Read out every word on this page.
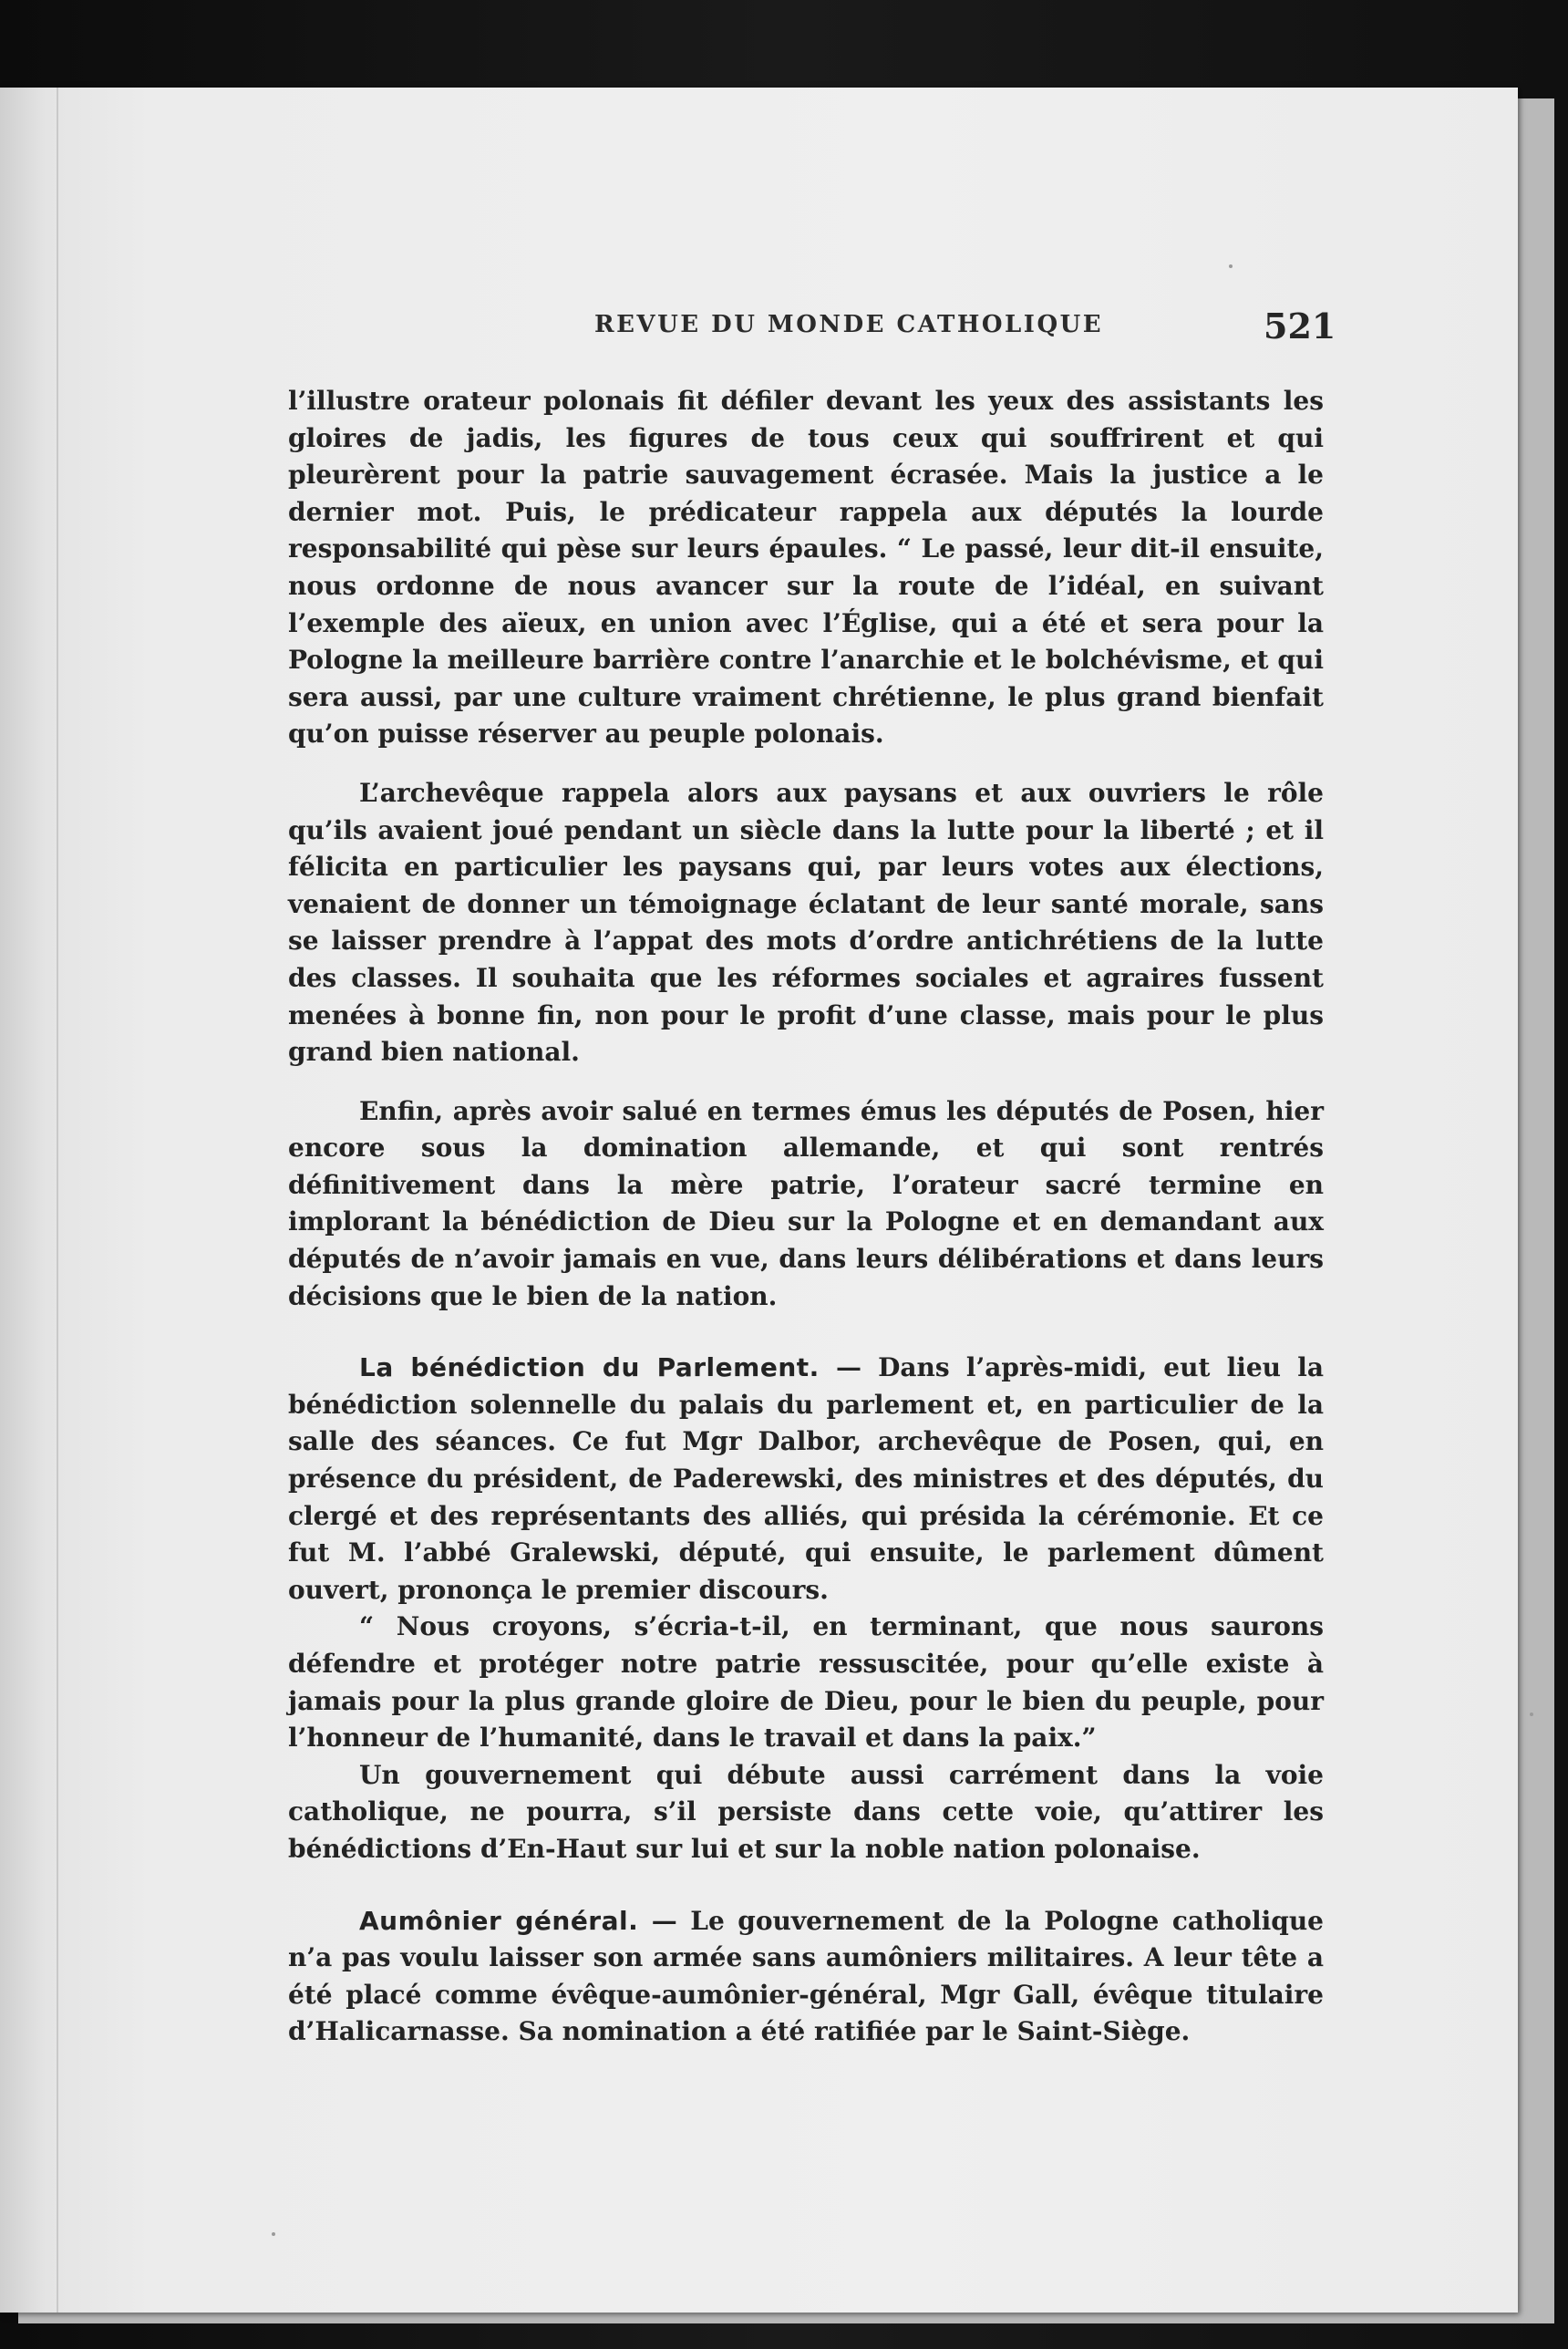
REVUE DU MONDE CATHOLIQUE	521

l’illustre orateur polonais fit défiler devant les yeux des assistants les gloires de jadis, les figures de tous ceux qui souffrirent et qui pleurèrent pour la patrie sauvagement écrasée. Mais la justice a le dernier mot. Puis, le prédicateur rappela aux députés la lourde responsabilité qui pèse sur leurs épaules. “ Le passé, leur dit-il ensuite, nous ordonne de nous avancer sur la route de l’idéal, en suivant l’exemple des aïeux, en union avec l’Église, qui a été et sera pour la Pologne la meilleure barrière contre l’anarchie et le bolchévisme, et qui sera aussi, par une culture vraiment chrétienne, le plus grand bienfait qu’on puisse réserver au peuple polonais.

L’archevêque rappela alors aux paysans et aux ouvriers le rôle qu’ils avaient joué pendant un siècle dans la lutte pour la liberté ; et il félicita en particulier les paysans qui, par leurs votes aux élections, venaient de donner un témoignage éclatant de leur santé morale, sans se laisser prendre à l’appat des mots d’ordre antichrétiens de la lutte des classes. Il souhaita que les réformes sociales et agraires fussent menées à bonne fin, non pour le profit d’une classe, mais pour le plus grand bien national.

Enfin, après avoir salué en termes émus les députés de Posen, hier encore sous la domination allemande, et qui sont rentrés définitivement dans la mère patrie, l’orateur sacré termine en implorant la bénédiction de Dieu sur la Pologne et en demandant aux députés de n’avoir jamais en vue, dans leurs délibérations et dans leurs décisions que le bien de la nation.

La bénédiction du Parlement. — Dans l’après-midi, eut lieu la bénédiction solennelle du palais du parlement et, en particulier de la salle des séances. Ce fut Mgr Dalbor, archevêque de Posen, qui, en présence du président, de Paderewski, des ministres et des députés, du clergé et des représentants des alliés, qui présida la cérémonie. Et ce fut M. l’abbé Gralewski, député, qui ensuite, le parlement dûment ouvert, prononça le premier discours.

“ Nous croyons, s’écria-t-il, en terminant, que nous saurons défendre et protéger notre patrie ressuscitée, pour qu’elle existe à jamais pour la plus grande gloire de Dieu, pour le bien du peuple, pour l’honneur de l’humanité, dans le travail et dans la paix.”

Un gouvernement qui débute aussi carrément dans la voie catholique, ne pourra, s’il persiste dans cette voie, qu’attirer les bénédictions d’En-Haut sur lui et sur la noble nation polonaise.

Aumônier général. — Le gouvernement de la Pologne catholique n’a pas voulu laisser son armée sans aumôniers militaires. A leur tête a été placé comme évêque-aumônier-général, Mgr Gall, évêque titulaire d’Halicarnasse. Sa nomination a été ratifiée par le Saint-Siège.
